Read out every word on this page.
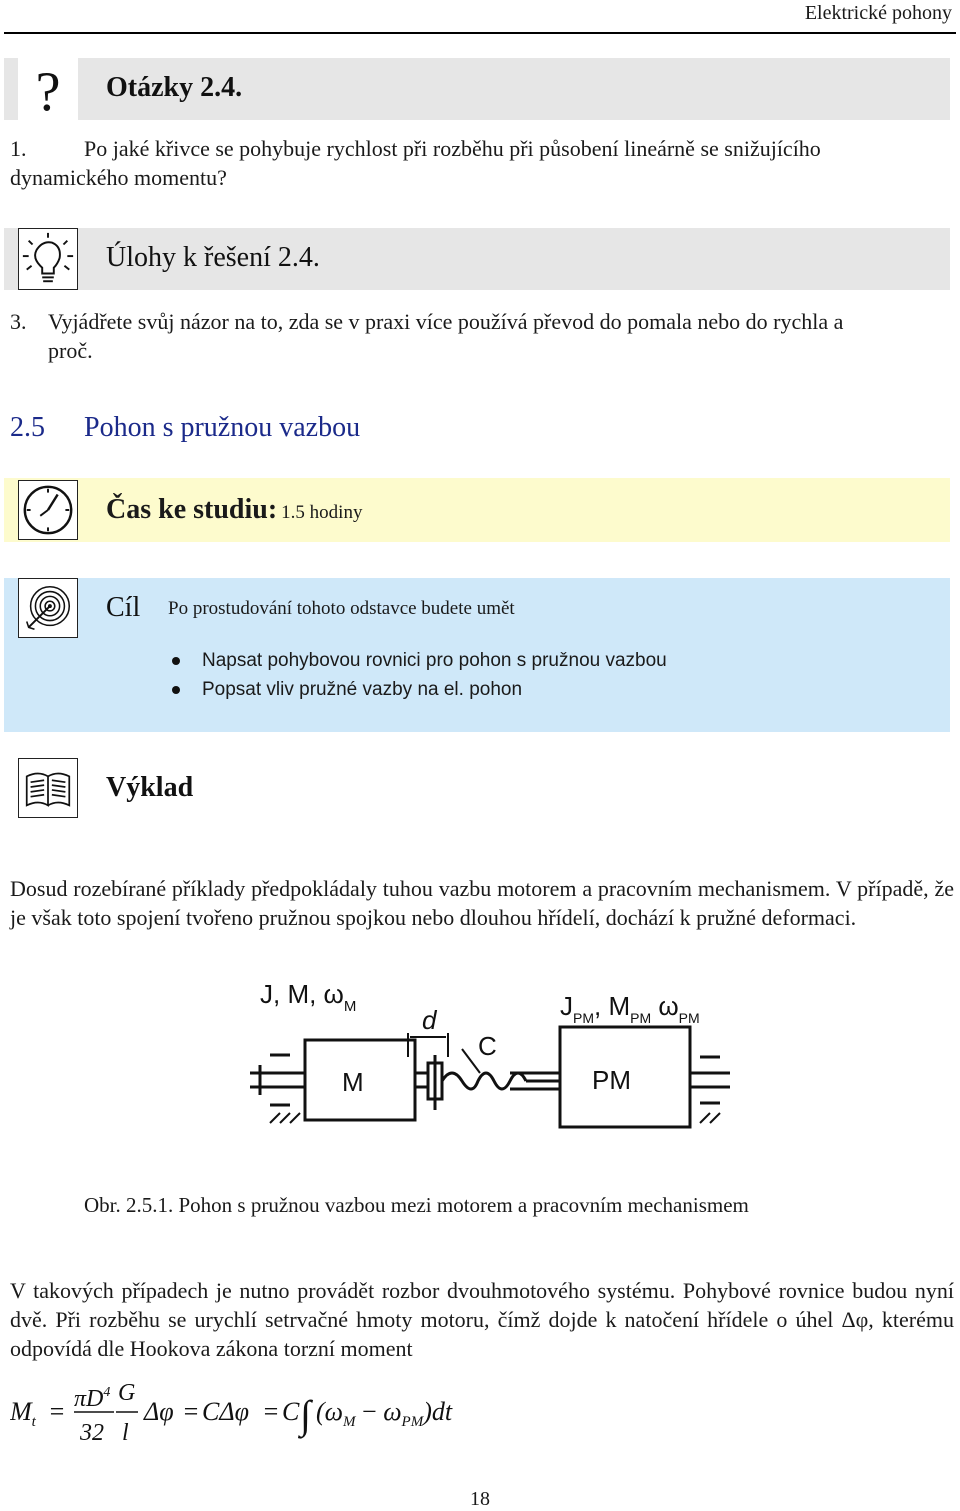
Elektrické pohony
? Otázky 2.4.
1.	Po jaké křivce se pohybuje rychlost při rozběhu při působení lineárně se snižujícího
dynamického momentu?
Úlohy k řešení 2.4.
3. Vyjádřete svůj názor na to, zda se v praxi více používá převod do pomala nebo do rychla a
proč.
2.5 Pohon s pružnou vazbou
Čas ke studiu: 1.5 hodiny
Cíl Po prostudování tohoto odstavce budete umět
Napsat pohybovou rovnici pro pohon s pružnou vazbou
Popsat vliv pružné vazby na el. pohon
Výklad
Dosud rozebírané příklady předpokládaly tuhou vazbu motorem a pracovním mechanismem. V případě, že je však toto spojení tvořeno pružnou spojkou nebo dlouhou hřídelí, dochází k pružné deformaci.
J, M, $\omega_M$	d
C
M	PM
$J_{PM}$, $M_{PM}$ $\omega_{PM}$
Obr. 2.5.1. Pohon s pružnou vazbou mezi motorem a pracovním mechanismem
V takových případech je nutno provádět rozbor dvouhmotového systému. Pohybové rovnice budou nyní dvě. Při rozběhu se urychlí setrvačné hmoty motoru, čímž dojde k natočení hřídele o úhel Δφ, kterému odpovídá dle Hookova zákona torzní moment
$M_t = \pi D^4$
32
G
l
Δφ = CΔφ = C ∫ $(\omega_M - \omega_{PM})dt$
18
